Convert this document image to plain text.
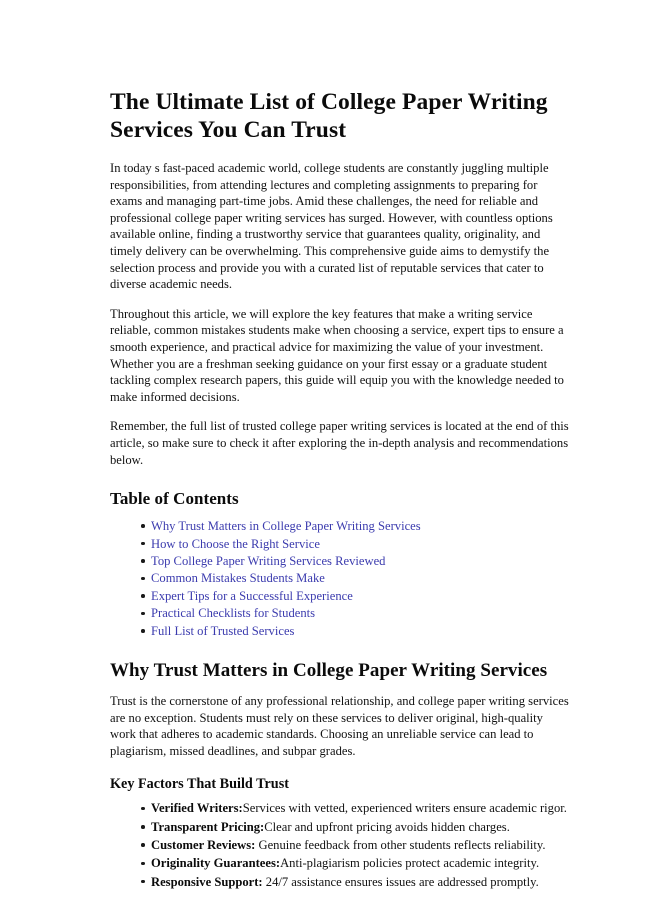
The Ultimate List of College Paper Writing Services You Can Trust

In today s fast-paced academic world, college students are constantly juggling multiple responsibilities, from attending lectures and completing assignments to preparing for exams and managing part-time jobs. Amid these challenges, the need for reliable and professional college paper writing services has surged. However, with countless options available online, finding a trustworthy service that guarantees quality, originality, and timely delivery can be overwhelming. This comprehensive guide aims to demystify the selection process and provide you with a curated list of reputable services that cater to diverse academic needs.

Throughout this article, we will explore the key features that make a writing service reliable, common mistakes students make when choosing a service, expert tips to ensure a smooth experience, and practical advice for maximizing the value of your investment. Whether you are a freshman seeking guidance on your first essay or a graduate student tackling complex research papers, this guide will equip you with the knowledge needed to make informed decisions.

Remember, the full list of trusted college paper writing services is located at the end of this article, so make sure to check it after exploring the in-depth analysis and recommendations below.

Table of Contents
Why Trust Matters in College Paper Writing Services
How to Choose the Right Service
Top College Paper Writing Services Reviewed
Common Mistakes Students Make
Expert Tips for a Successful Experience
Practical Checklists for Students
Full List of Trusted Services
Why Trust Matters in College Paper Writing Services

Trust is the cornerstone of any professional relationship, and college paper writing services are no exception. Students must rely on these services to deliver original, high-quality work that adheres to academic standards. Choosing an unreliable service can lead to plagiarism, missed deadlines, and subpar grades.

Key Factors That Build Trust
Verified Writers:Services with vetted, experienced writers ensure academic rigor.
Transparent Pricing:Clear and upfront pricing avoids hidden charges.
Customer Reviews: Genuine feedback from other students reflects reliability.
Originality Guarantees:Anti-plagiarism policies protect academic integrity.
Responsive Support: 24/7 assistance ensures issues are addressed promptly.
